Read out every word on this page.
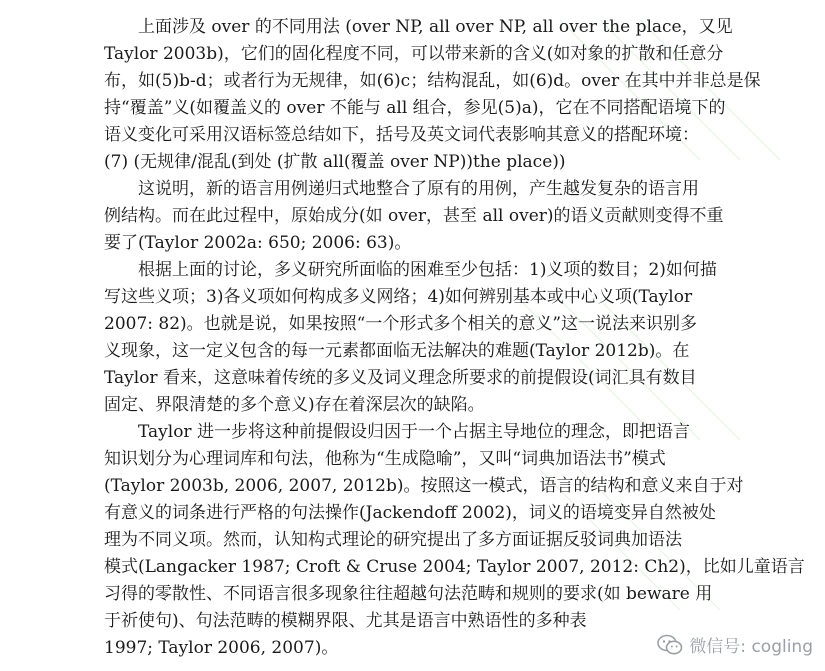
上面涉及 over 的不同用法 (over NP, all over NP, all over the place，又见
Taylor 2003b)，它们的固化程度不同，可以带来新的含义(如对象的扩散和任意分
布，如(5)b-d；或者行为无规律，如(6)c；结构混乱，如(6)d。over 在其中并非总是保
持“覆盖”义(如覆盖义的 over 不能与 all 组合，参见(5)a)，它在不同搭配语境下的
语义变化可采用汉语标签总结如下，括号及英文词代表影响其意义的搭配环境：
(7) (无规律/混乱(到处 (扩散 all(覆盖 over NP))the place))
这说明，新的语言用例递归式地整合了原有的用例，产生越发复杂的语言用
例结构。而在此过程中，原始成分(如 over，甚至 all over)的语义贡献则变得不重
要了(Taylor 2002a: 650; 2006: 63)。
根据上面的讨论，多义研究所面临的困难至少包括：1)义项的数目；2)如何描
写这些义项；3)各义项如何构成多义网络；4)如何辨别基本或中心义项(Taylor
2007: 82)。也就是说，如果按照“一个形式多个相关的意义”这一说法来识别多
义现象，这一定义包含的每一元素都面临无法解决的难题(Taylor 2012b)。在
Taylor 看来，这意味着传统的多义及词义理念所要求的前提假设(词汇具有数目
固定、界限清楚的多个意义)存在着深层次的缺陷。
Taylor 进一步将这种前提假设归因于一个占据主导地位的理念，即把语言
知识划分为心理词库和句法，他称为“生成隐喻”，又叫“词典加语法书”模式
(Taylor 2003b, 2006, 2007, 2012b)。按照这一模式，语言的结构和意义来自于对
有意义的词条进行严格的句法操作(Jackendoff 2002)，词义的语境变异自然被处
理为不同义项。然而，认知构式理论的研究提出了多方面证据反驳词典加语法
模式(Langacker 1987; Croft & Cruse 2004; Taylor 2007, 2012: Ch2)，比如儿童语言
习得的零散性、不同语言很多现象往往超越句法范畴和规则的要求(如 beware 用
于祈使句)、句法范畴的模糊界限、尤其是语言中熟语性的多种表
1997; Taylor 2006, 2007)。	微信号: cogling
